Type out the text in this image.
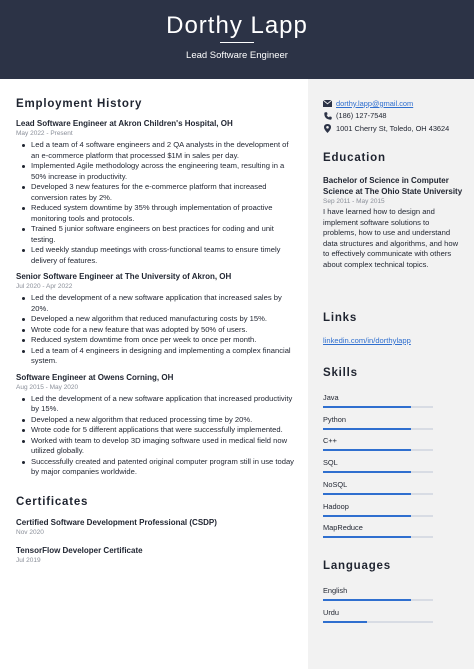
Dorthy Lapp
Lead Software Engineer
Employment History
Lead Software Engineer at Akron Children's Hospital, OH
May 2022 - Present
Led a team of 4 software engineers and 2 QA analysts in the development of an e-commerce platform that processed $1M in sales per day.
Implemented Agile methodology across the engineering team, resulting in a 50% increase in productivity.
Developed 3 new features for the e-commerce platform that increased conversion rates by 2%.
Reduced system downtime by 35% through implementation of proactive monitoring tools and protocols.
Trained 5 junior software engineers on best practices for coding and unit testing.
Led weekly standup meetings with cross-functional teams to ensure timely delivery of features.
Senior Software Engineer at The University of Akron, OH
Jul 2020 - Apr 2022
Led the development of a new software application that increased sales by 20%.
Developed a new algorithm that reduced manufacturing costs by 15%.
Wrote code for a new feature that was adopted by 50% of users.
Reduced system downtime from once per week to once per month.
Led a team of 4 engineers in designing and implementing a complex financial system.
Software Engineer at Owens Corning, OH
Aug 2015 - May 2020
Led the development of a new software application that increased productivity by 15%.
Developed a new algorithm that reduced processing time by 20%.
Wrote code for 5 different applications that were successfully implemented.
Worked with team to develop 3D imaging software used in medical field now utilized globally.
Successfully created and patented original computer program still in use today by major companies worldwide.
Certificates
Certified Software Development Professional (CSDP)
Nov 2020
TensorFlow Developer Certificate
Jul 2019
dorthy.lapp@gmail.com
(186) 127-7548
1001 Cherry St, Toledo, OH 43624
Education
Bachelor of Science in Computer Science at The Ohio State University
Sep 2011 - May 2015
I have learned how to design and implement software solutions to problems, how to use and understand data structures and algorithms, and how to effectively communicate with others about complex technical topics.
Links
linkedin.com/in/dorthylapp
Skills
Java
Python
C++
SQL
NoSQL
Hadoop
MapReduce
Languages
English
Urdu
